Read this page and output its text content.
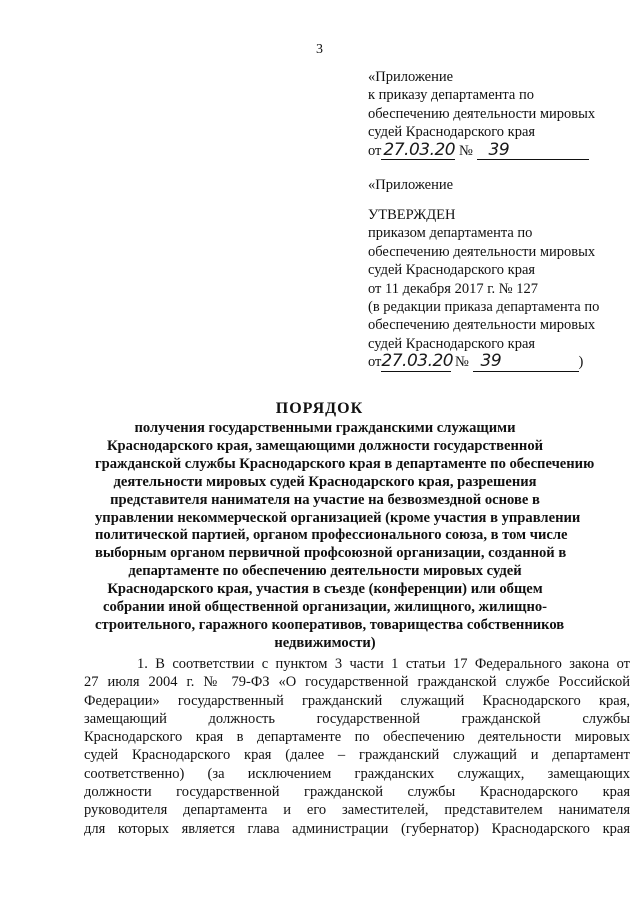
3
«Приложение
к приказу департамента по
обеспечению деятельности мировых
судей Краснодарского края
от 27.03.20 № 39
«Приложение
УТВЕРЖДЕН
приказом департамента по
обеспечению деятельности мировых
судей Краснодарского края
от 11 декабря 2017 г. № 127
(в редакции приказа департамента по
обеспечению деятельности мировых
судей Краснодарского края
от 27.03.20 № 39	)
ПОРЯДОК
получения государственными гражданскими служащими
Краснодарского края, замещающими должности государственной
гражданской службы Краснодарского края в департаменте по обеспечению
деятельности мировых судей Краснодарского края, разрешения
представителя нанимателя на участие на безвозмездной основе в
управлении некоммерческой организацией (кроме участия в управлении
политической партией, органом профессионального союза, в том числе
выборным органом первичной профсоюзной организации, созданной в
департаменте по обеспечению деятельности мировых судей
Краснодарского края, участия в съезде (конференции) или общем
собрании иной общественной организации, жилищного, жилищно-
строительного, гаражного кооперативов, товарищества собственников
недвижимости)
1. В соответствии с пунктом 3 части 1 статьи 17 Федерального закона от
27 июля 2004 г. № 79-ФЗ «О государственной гражданской службе Российской
Федерации» государственный гражданский служащий Краснодарского края,
замещающий должность государственной гражданской службы
Краснодарского края в департаменте по обеспечению деятельности мировых
судей Краснодарского края (далее – гражданский служащий и департамент
соответственно) (за исключением гражданских служащих, замещающих
должности государственной гражданской службы Краснодарского края
руководителя департамента и его заместителей, представителем нанимателя
для которых является глава администрации (губернатор) Краснодарского края
